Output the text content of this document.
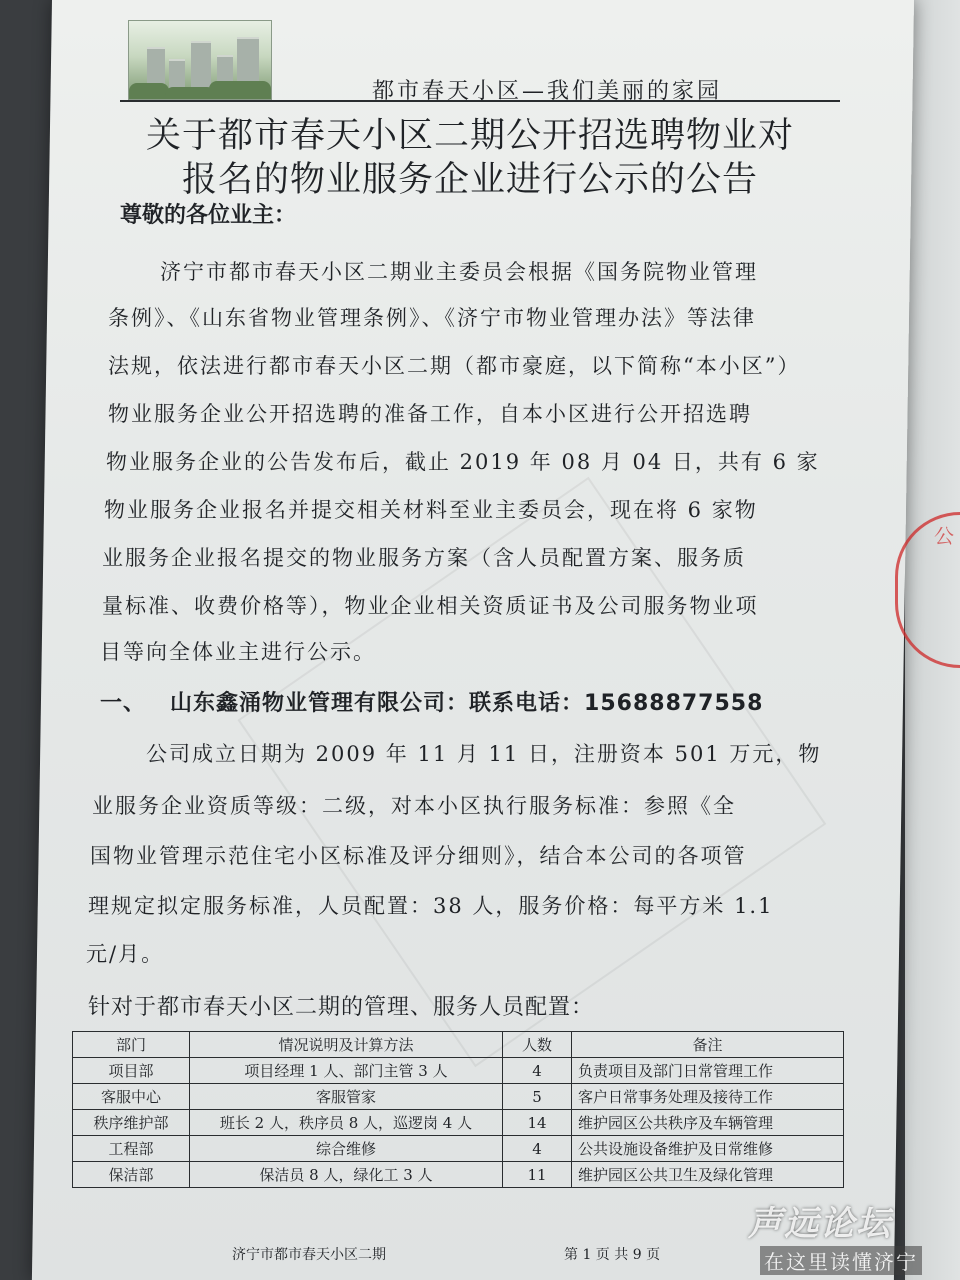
公
都市春天小区—我们美丽的家园
关于都市春天小区二期公开招选聘物业对
报名的物业服务企业进行公示的公告
尊敬的各位业主：
济宁市都市春天小区二期业主委员会根据《国务院物业管理
条例》、《山东省物业管理条例》、《济宁市物业管理办法》等法律
法规，依法进行都市春天小区二期（都市豪庭，以下简称“本小区”）
物业服务企业公开招选聘的准备工作，自本小区进行公开招选聘
物业服务企业的公告发布后，截止 2019 年 08 月 04 日，共有 6 家
物业服务企业报名并提交相关材料至业主委员会，现在将 6 家物
业服务企业报名提交的物业服务方案（含人员配置方案、服务质
量标准、收费价格等），物业企业相关资质证书及公司服务物业项
目等向全体业主进行公示。
一、 山东鑫涌物业管理有限公司：联系电话：15688877558
公司成立日期为 2009 年 11 月 11 日，注册资本 501 万元，物
业服务企业资质等级：二级，对本小区执行服务标准：参照《全
国物业管理示范住宅小区标准及评分细则》，结合本公司的各项管
理规定拟定服务标准，人员配置：38 人，服务价格：每平方米 1.1
元/月。
针对于都市春天小区二期的管理、服务人员配置：
部门	情况说明及计算方法	人数	备注
项目部	项目经理 1 人、部门主管 3 人	4	负责项目及部门日常管理工作
客服中心	客服管家	5	客户日常事务处理及接待工作
秩序维护部	班长 2 人，秩序员 8 人，巡逻岗 4 人	14	维护园区公共秩序及车辆管理
工程部	综合维修	4	公共设施设备维护及日常维修
保洁部	保洁员 8 人，绿化工 3 人	11	维护园区公共卫生及绿化管理
济宁市都市春天小区二期	第 1 页 共 9 页
声远论坛
在这里读懂济宁
